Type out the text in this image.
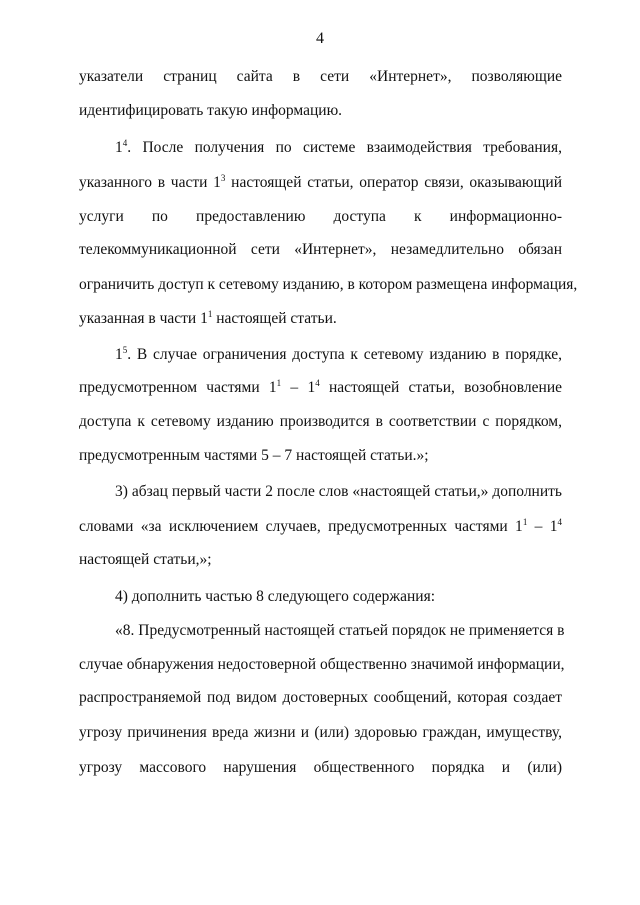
4
указатели страниц сайта в сети «Интернет», позволяющие
идентифицировать такую информацию.
$1^4$. После получения по системе взаимодействия требования,
указанного в части $1^3$ настоящей статьи, оператор связи, оказывающий
услуги по предоставлению доступа к информационно-
телекоммуникационной сети «Интернет», незамедлительно обязан
ограничить доступ к сетевому изданию, в котором размещена информация,
указанная в части $1^1$ настоящей статьи.
$1^5$. В случае ограничения доступа к сетевому изданию в порядке,
предусмотренном частями $1^1 - 1^4$ настоящей статьи, возобновление
доступа к сетевому изданию производится в соответствии с порядком,
предусмотренным частями 5 – 7 настоящей статьи.»;
3) абзац первый части 2 после слов «настоящей статьи,» дополнить
словами «за исключением случаев, предусмотренных частями $1^1 - 1^4$
настоящей статьи,»;
4) дополнить частью 8 следующего содержания:
«8. Предусмотренный настоящей статьей порядок не применяется в
случае обнаружения недостоверной общественно значимой информации,
распространяемой под видом достоверных сообщений, которая создает
угрозу причинения вреда жизни и (или) здоровью граждан, имуществу,
угрозу массового нарушения общественного порядка и (или)
